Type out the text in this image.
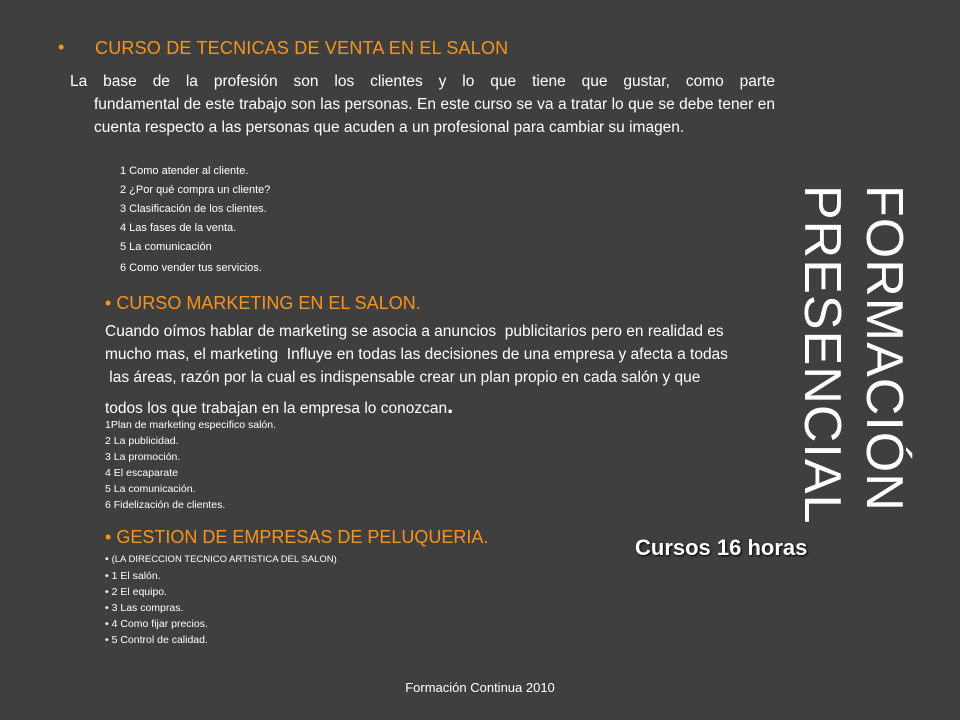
• CURSO DE TECNICAS DE VENTA EN EL SALON
La base de la profesión son los clientes y lo que tiene que gustar, como parte
fundamental de este trabajo son las personas. En este curso se va a tratar lo que se debe tener en cuenta respecto a las personas que acuden a un profesional para cambiar su imagen.
1 Como atender al cliente.
2 ¿Por qué compra un cliente?
3 Clasificación de los clientes.
4 Las fases de la venta.
5 La comunicación
6 Como vender tus servicios.
• CURSO MARKETING EN EL SALON.
Cuando oímos hablar de marketing se asocia a anuncios  publicitarios pero en realidad es
mucho mas, el marketing  Influye en todas las decisiones de una empresa y afecta a todas
las áreas, razón por la cual es indispensable crear un plan propio en cada salón y que
todos los que trabajan en la empresa lo conozcan.
1Plan de marketing especifico salón.
2 La publicidad.
3 La promoción.
4 El escaparate
5 La comunicación.
6 Fidelización de clientes.
• GESTION DE EMPRESAS DE PELUQUERIA.
• (LA DIRECCION TECNICO ARTISTICA DEL SALON)
• 1 El salón.
• 2 El equipo.
• 3 Las compras.
• 4 Como fijar precios.
• 5 Control de calidad.
FORMACIÓN
PRESENCIAL
Cursos 16 horas
Formación Continua 2010
